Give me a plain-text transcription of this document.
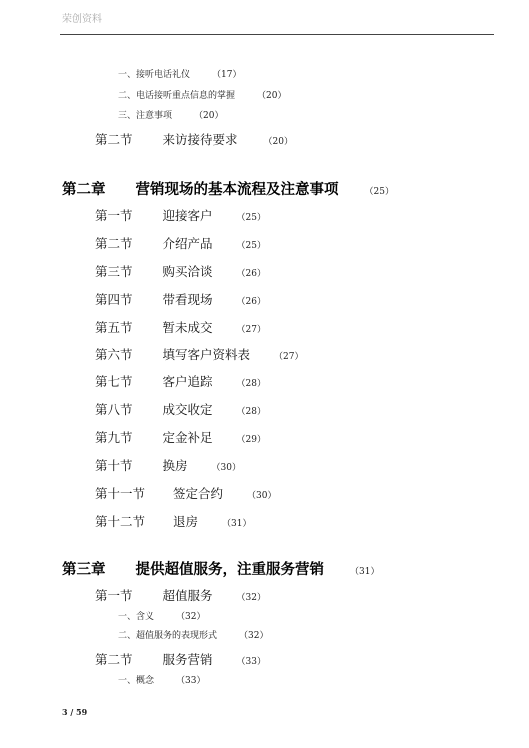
荣创资料
一、接听电话礼仪 （17）
二、电话接听重点信息的掌握 （20）
三、注意事项 （20）
第二节 来访接待要求	（20）
第二章 营销现场的基本流程及注意事项	（25）
第一节 迎接客户	（25）
第二节 介绍产品	（25）
第三节 购买洽谈	（26）
第四节 带看现场	（26）
第五节 暂未成交	（27）
第六节 填写客户资料表	（27）
第七节 客户追踪	（28）
第八节 成交收定	（28）
第九节 定金补足	（29）
第十节 换房	（30）
第十一节 签定合约	（30）
第十二节 退房	（31）
第三章 提供超值服务，注重服务营销	（31）
第一节 超值服务	（32）
一、含义 （32）
二、超值服务的表现形式 （32）
第二节 服务营销	（33）
一、概念 （33）
3 / 59
